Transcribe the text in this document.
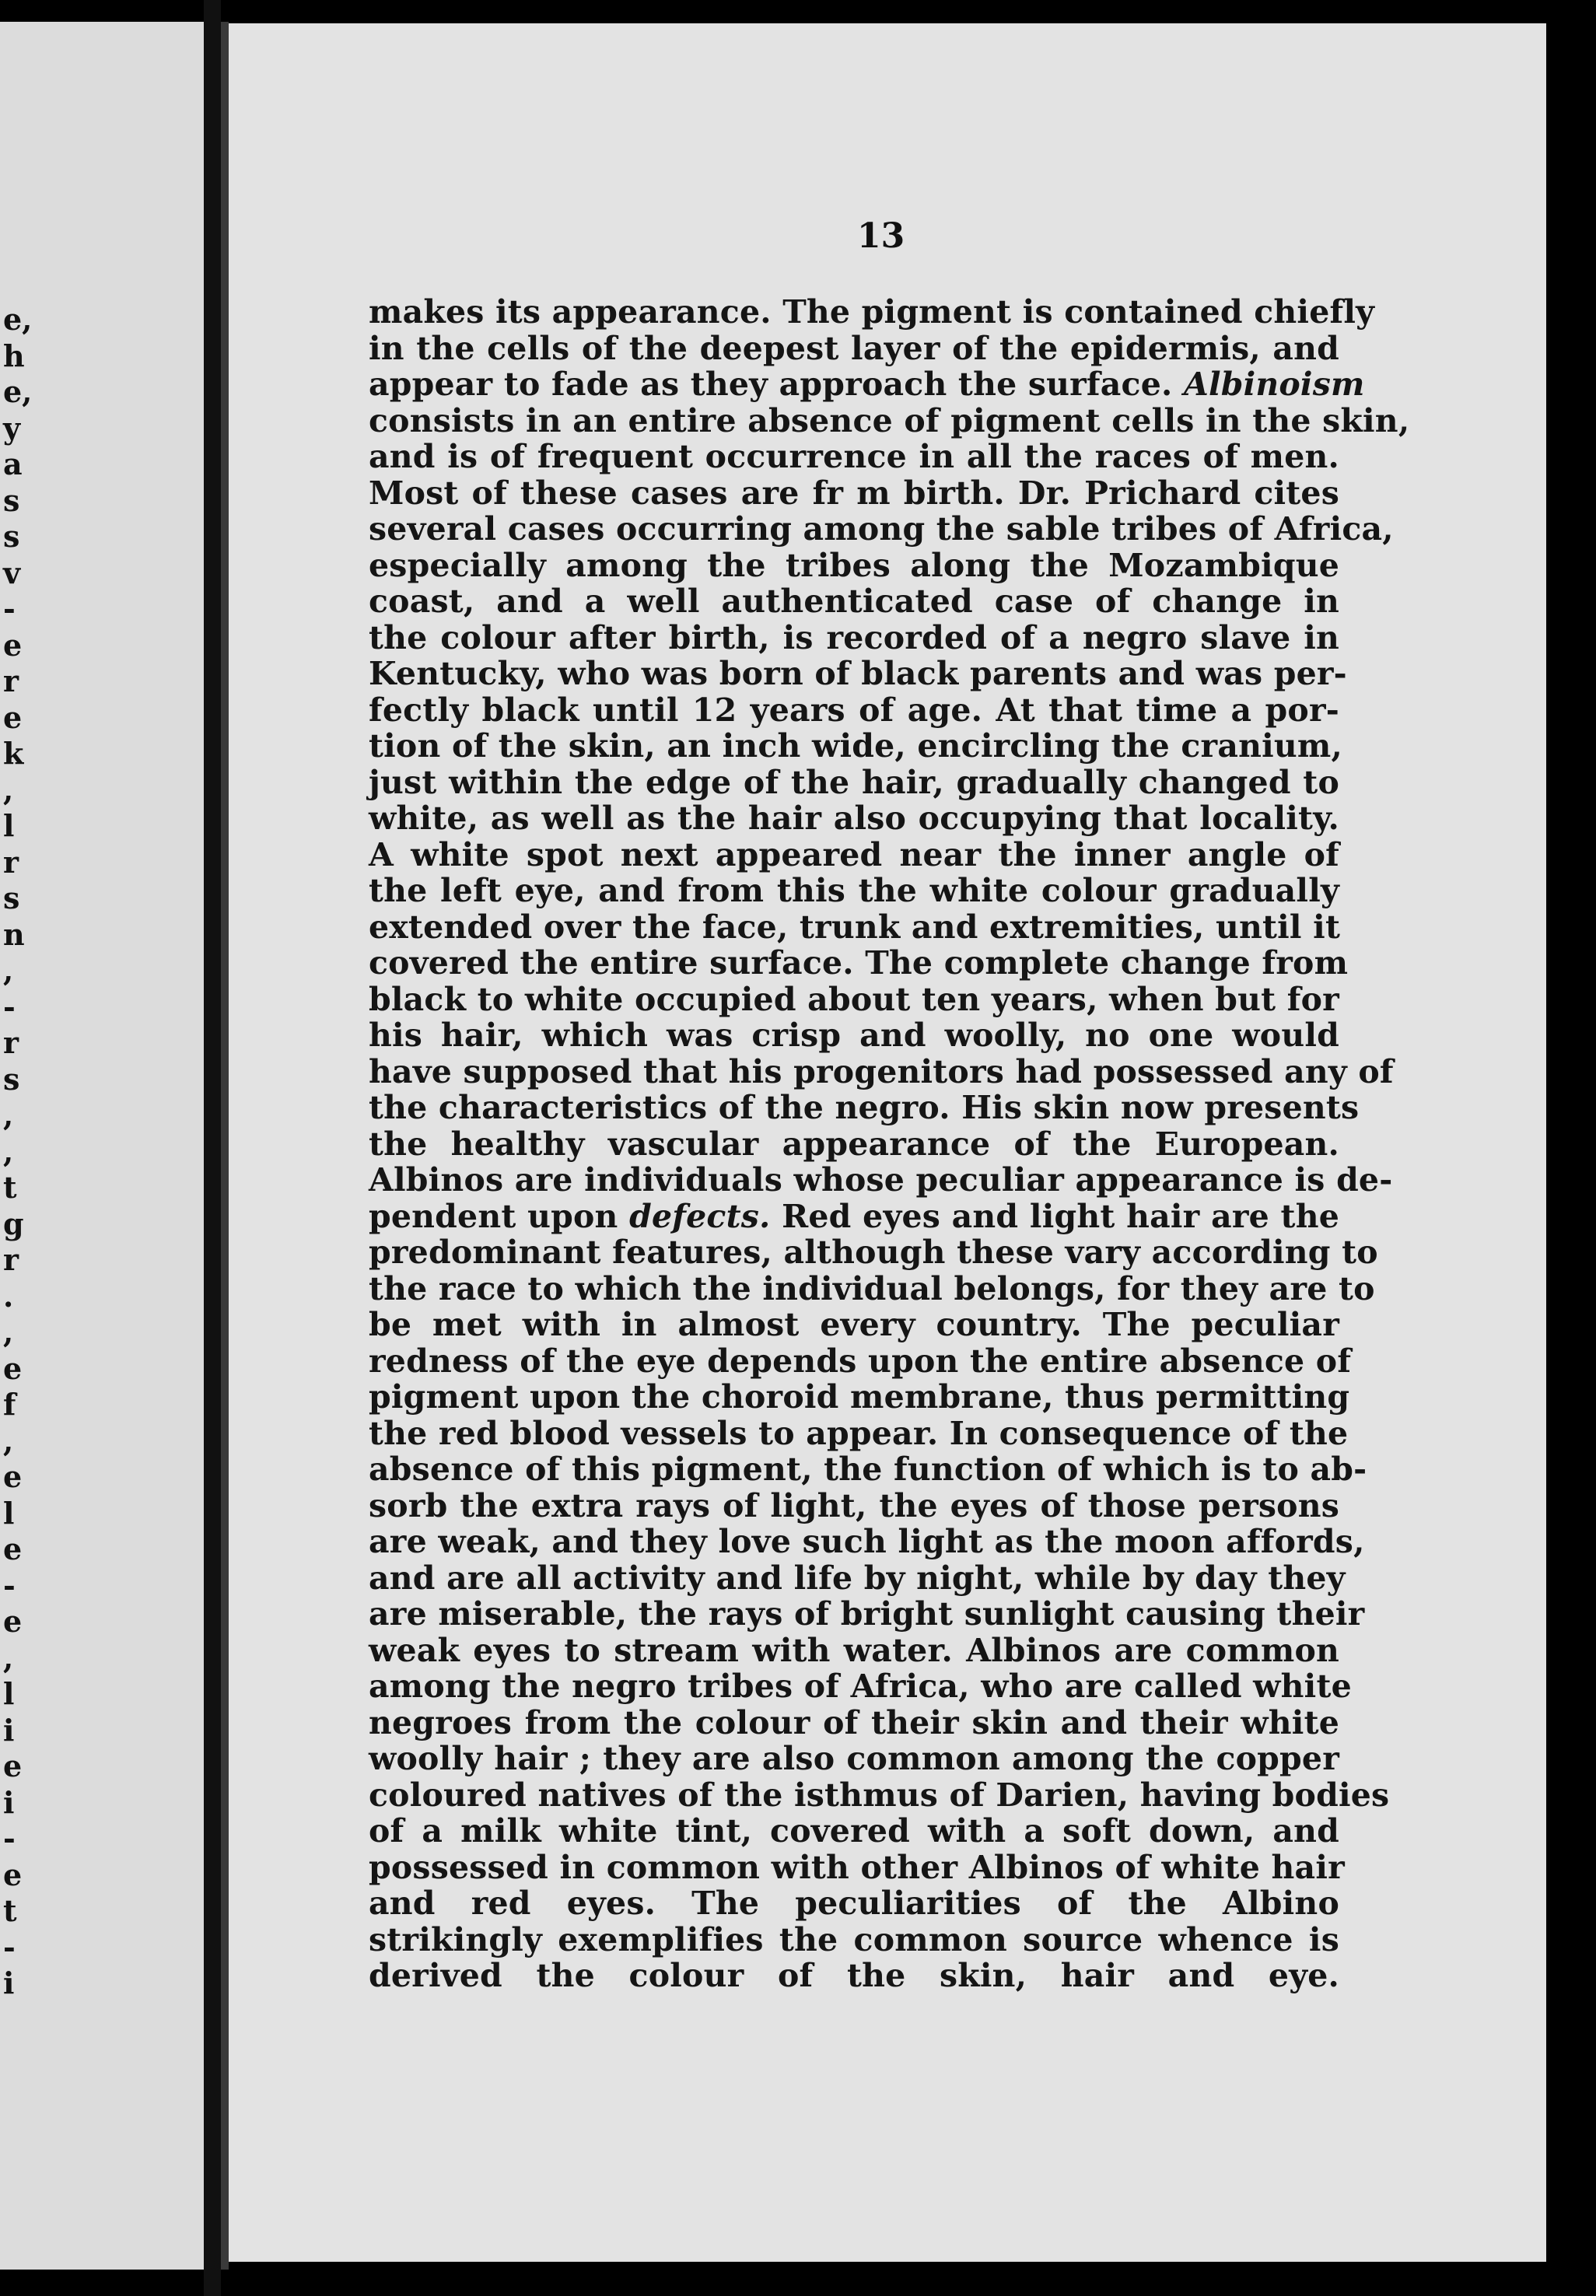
e,
h
e,
y
a
s
s
v
-
e
r
e
k
,
l
r
s
n
,
-
r
s
,
,
t
g
r
.
,
e
f
,
e
l
e
-
e
,
l
i
e
i
-
e
t
-
i
13
makes its appearance. The pigment is contained chiefly
in the cells of the deepest layer of the epidermis, and
appear to fade as they approach the surface. Albinoism
consists in an entire absence of pigment cells in the skin,
and is of frequent occurrence in all the races of men.
Most of these cases are fr m birth. Dr. Prichard cites
several cases occurring among the sable tribes of Africa,
especially among the tribes along the Mozambique
coast, and a well authenticated case of change in
the colour after birth, is recorded of a negro slave in
Kentucky, who was born of black parents and was per-
fectly black until 12 years of age. At that time a por-
tion of the skin, an inch wide, encircling the cranium,
just within the edge of the hair, gradually changed to
white, as well as the hair also occupying that locality.
A white spot next appeared near the inner angle of
the left eye, and from this the white colour gradually
extended over the face, trunk and extremities, until it
covered the entire surface. The complete change from
black to white occupied about ten years, when but for
his hair, which was crisp and woolly, no one would
have supposed that his progenitors had possessed any of
the characteristics of the negro. His skin now presents
the healthy vascular appearance of the European.
Albinos are individuals whose peculiar appearance is de-
pendent upon defects. Red eyes and light hair are the
predominant features, although these vary according to
the race to which the individual belongs, for they are to
be met with in almost every country. The peculiar
redness of the eye depends upon the entire absence of
pigment upon the choroid membrane, thus permitting
the red blood vessels to appear. In consequence of the
absence of this pigment, the function of which is to ab-
sorb the extra rays of light, the eyes of those persons
are weak, and they love such light as the moon affords,
and are all activity and life by night, while by day they
are miserable, the rays of bright sunlight causing their
weak eyes to stream with water. Albinos are common
among the negro tribes of Africa, who are called white
negroes from the colour of their skin and their white
woolly hair ; they are also common among the copper
coloured natives of the isthmus of Darien, having bodies
of a milk white tint, covered with a soft down, and
possessed in common with other Albinos of white hair
and red eyes. The peculiarities of the Albino
strikingly exemplifies the common source whence is
derived the colour of the skin, hair and eye.
